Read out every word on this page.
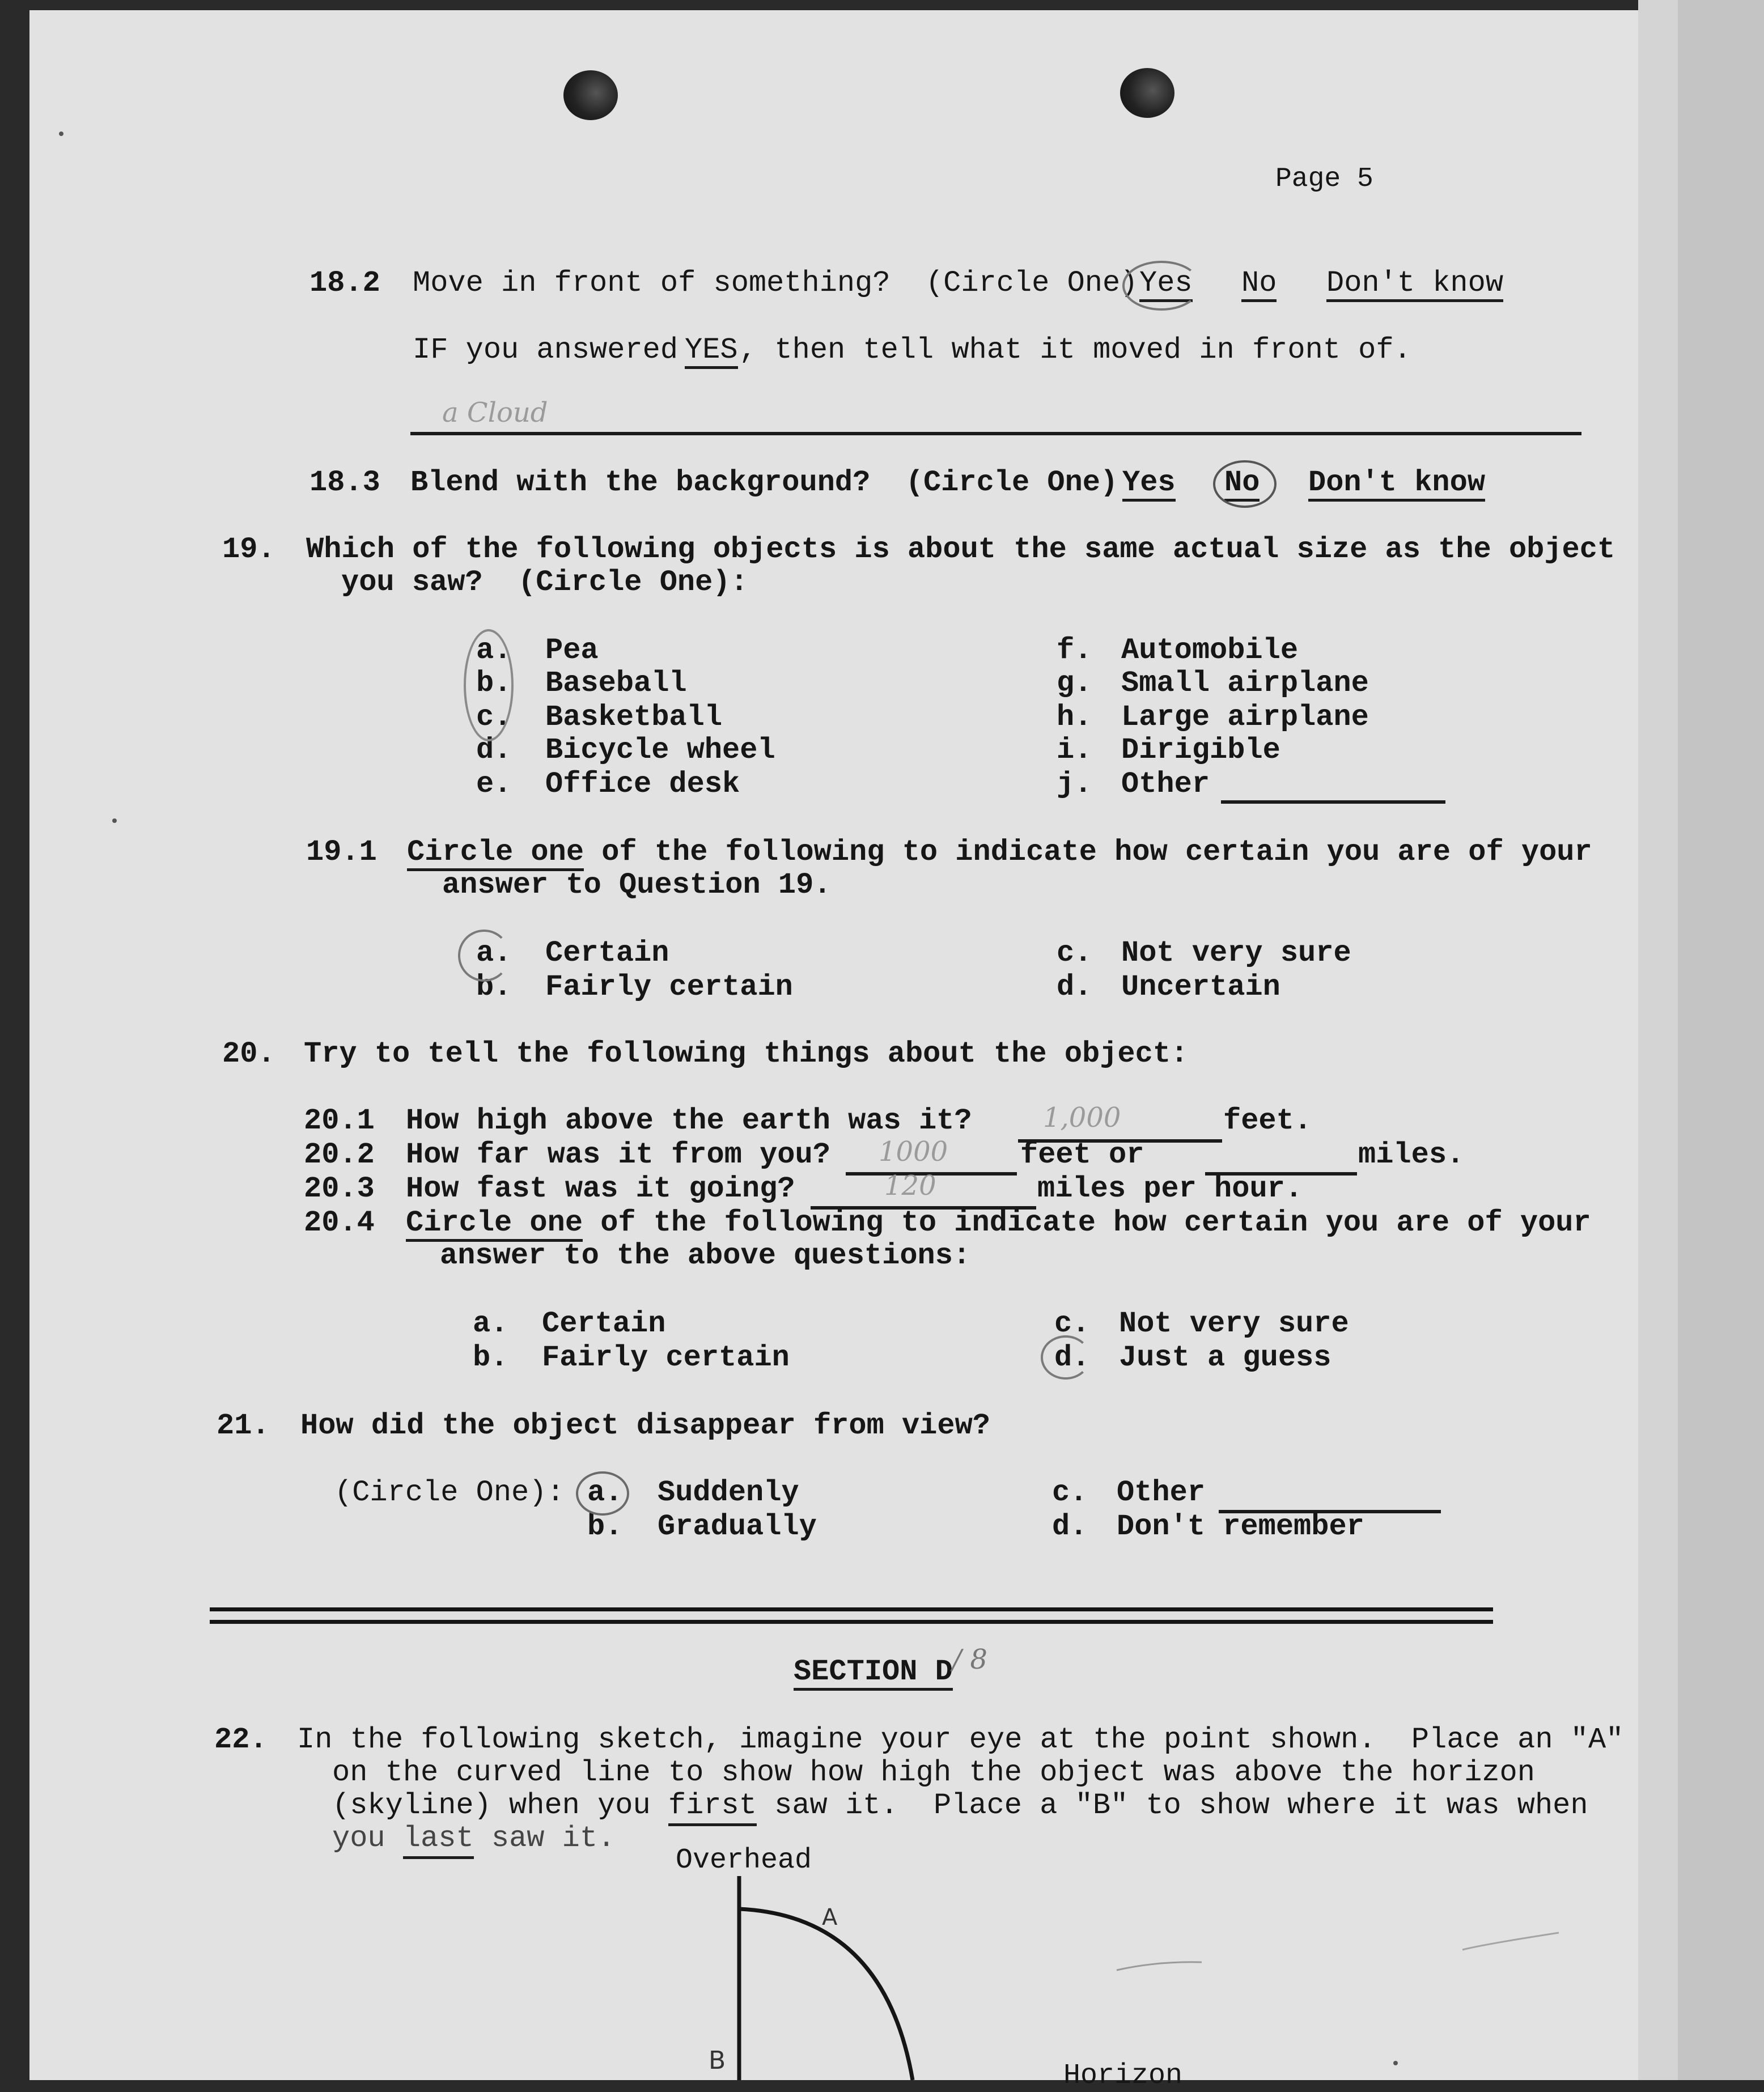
Page 5
18.2 Move in front of something?  (Circle One) Yes No Don't know
IF you answered
YES , then tell what it moved in front of.
a Cloud
18.3 Blend with the background?  (Circle One) Yes No Don't know
19. Which of the following objects is about the same actual size as the object
you saw?  (Circle One):
a. Pea
b. Baseball
c. Basketball
d. Bicycle wheel
e. Office desk
f. Automobile
g. Small airplane
h. Large airplane
i. Dirigible
j. Other
19.1 Circle one of the following to indicate how certain you are of your
answer to Question 19.
a. Certain
b. Fairly certain
c. Not very sure
d. Uncertain
20. Try to tell the following things about the object:
20.1 How high above the earth was it?	1,000	feet.
20.2 How far was it from you? 1000 feet or	miles.
20.3 How fast was it going?	120	miles per hour.
20.4 Circle one of the following to indicate how certain you are of your
answer to the above questions:
a. Certain
b. Fairly certain
c. Not very sure
d. Just a guess
21. How did the object disappear from view?
(Circle One): a. Suddenly
b. Gradually
c. Other
d. Don't remember
SECTION D / 8
22. In the following sketch, imagine your eye at the point shown.  Place an "A"
on the curved line to show how high the object was above the horizon
(skyline) when you first saw it.  Place a "B" to show where it was when
you last saw it.
Overhead
A
B	Horizon
